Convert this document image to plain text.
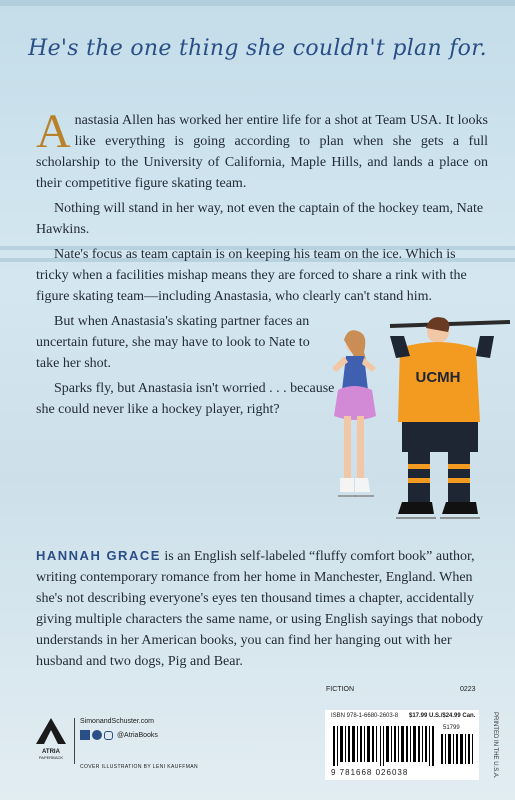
He's the one thing she couldn't plan for.

Anastasia Allen has worked her entire life for a shot at Team USA. It looks like everything is going according to plan when she gets a full scholarship to the University of California, Maple Hills, and lands a place on their competitive figure skating team.

Nothing will stand in her way, not even the captain of the hockey team, Nate Hawkins.

Nate's focus as team captain is on keeping his team on the ice. Which is tricky when a facilities mishap means they are forced to share a rink with the figure skating team—including Anastasia, who clearly can't stand him.

But when Anastasia's skating partner faces an uncertain future, she may have to look to Nate to take her shot.

Sparks fly, but Anastasia isn't worried . . . because she could never like a hockey player, right?

UCMH

HANNAH GRACE is an English self-labeled “fluffy comfort book” author, writing contemporary romance from her home in Manchester, England. When she's not describing everyone's eyes ten thousand times a chapter, accidentally giving multiple characters the same name, or using English sayings that nobody understands in her American books, you can find her hanging out with her husband and two dogs, Pig and Bear.

ATRIA
PAPERBACK
SimonandSchuster.com
@AtriaBooks
COVER ILLUSTRATION BY LENI KAUFFMAN
FICTION	0223
ISBN 978-1-6680-2603-8 $17.99 U.S./$24.99 Can.
51799
9 781668 026038	PRINTED IN THE U.S.A.
